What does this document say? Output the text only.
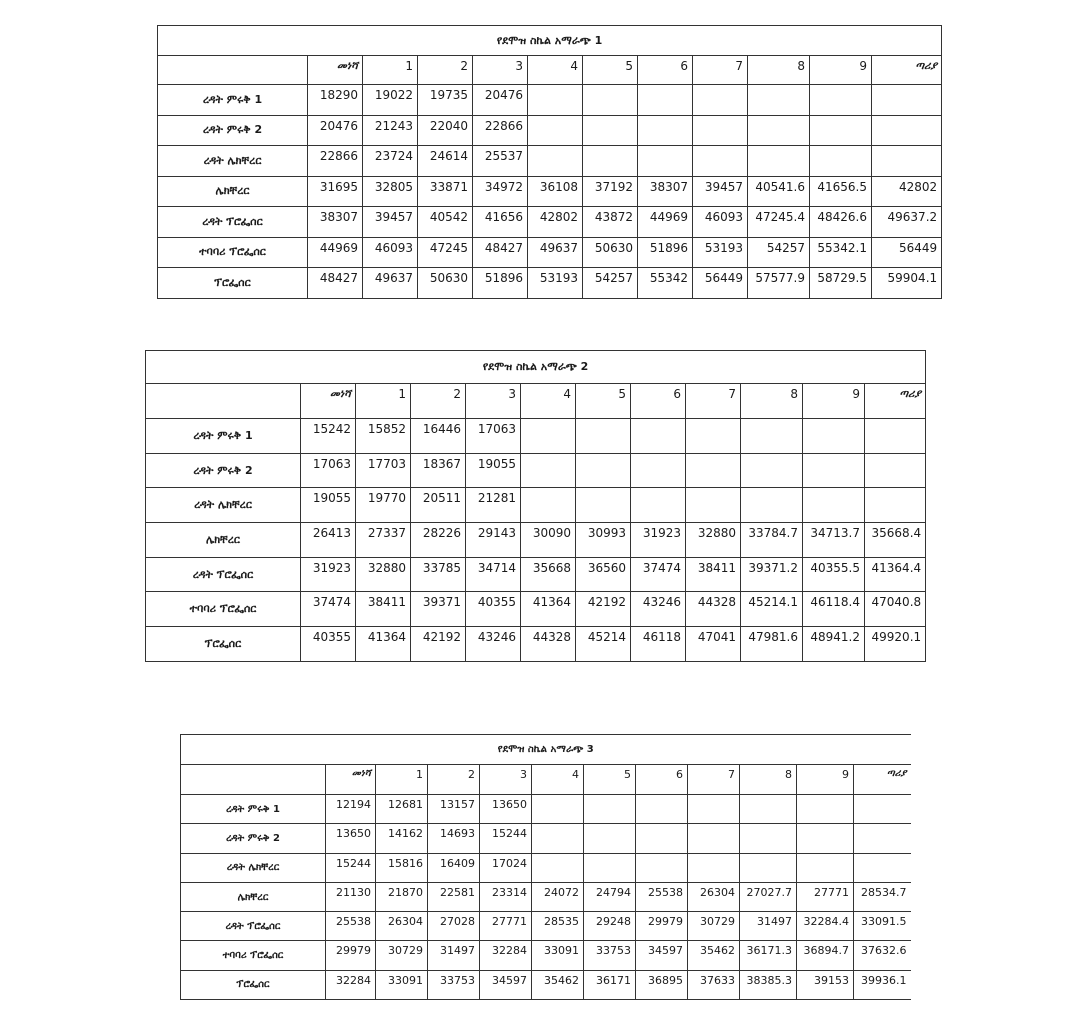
የደሞዝ ስኬል አማራጭ 1											
	መነሻ	1	2	3	4	5	6	7	8	9	ጣሪያ
ረዳት ምሩቅ 1	18290	19022	19735	20476							
ረዳት ምሩቅ 2	20476	21243	22040	22866							
ረዳት ሌክቸረር	22866	23724	24614	25537							
ሌክቸረር	31695	32805	33871	34972	36108	37192	38307	39457	40541.6	41656.5	42802
ረዳት ፕሮፌሰር	38307	39457	40542	41656	42802	43872	44969	46093	47245.4	48426.6	49637.2
ተባባሪ ፕሮፌሰር	44969	46093	47245	48427	49637	50630	51896	53193	54257	55342.1	56449
ፕሮፌሰር	48427	49637	50630	51896	53193	54257	55342	56449	57577.9	58729.5	59904.1
የደሞዝ ስኬል አማራጭ 2											
	መነሻ	1	2	3	4	5	6	7	8	9	ጣሪያ
ረዳት ምሩቅ 1	15242	15852	16446	17063							
ረዳት ምሩቅ 2	17063	17703	18367	19055							
ረዳት ሌክቸረር	19055	19770	20511	21281							
ሌክቸረር	26413	27337	28226	29143	30090	30993	31923	32880	33784.7	34713.7	35668.4
ረዳት ፕሮፌሰር	31923	32880	33785	34714	35668	36560	37474	38411	39371.2	40355.5	41364.4
ተባባሪ ፕሮፌሰር	37474	38411	39371	40355	41364	42192	43246	44328	45214.1	46118.4	47040.8
ፕሮፌሰር	40355	41364	42192	43246	44328	45214	46118	47041	47981.6	48941.2	49920.1
የደሞዝ ስኬል አማራጭ 3											
	መነሻ	1	2	3	4	5	6	7	8	9	ጣሪያ
ረዳት ምሩቅ 1	12194	12681	13157	13650							
ረዳት ምሩቅ 2	13650	14162	14693	15244							
ረዳት ሌክቸረር	15244	15816	16409	17024							
ሌክቸረር	21130	21870	22581	23314	24072	24794	25538	26304	27027.7	27771	28534.7
ረዳት ፕሮፌሰር	25538	26304	27028	27771	28535	29248	29979	30729	31497	32284.4	33091.5
ተባባሪ ፕሮፌሰር	29979	30729	31497	32284	33091	33753	34597	35462	36171.3	36894.7	37632.6
ፕሮፌሰር	32284	33091	33753	34597	35462	36171	36895	37633	38385.3	39153	39936.1
